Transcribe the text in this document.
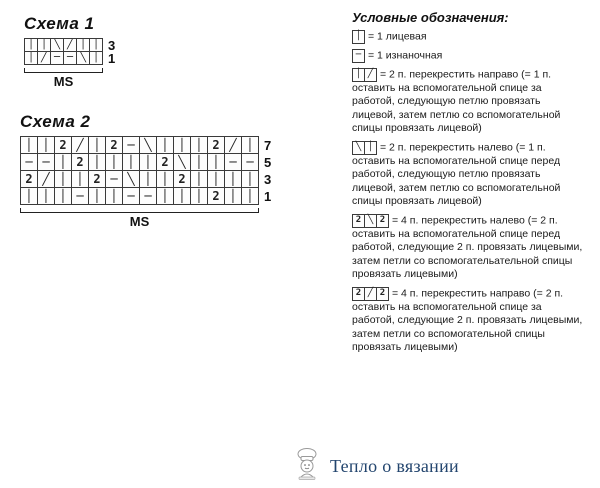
Схема 1
│ │ ╲ ╱ │ │
│ ╱ ─ ─ ╲ │
3
1
MS
Схема 2
│ │ 2 ╱ │ 2 ─ ╲ │ │ │ 2 ╱ │
─ ─ │ 2 │ │ │ │ 2 ╲ │ │ ─ ─
2 ╱ │ │ 2 ─ ╲ │ │ 2 │ │ │ │
│ │ │ ─ │ │ ─ ─ │ │ │ 2 │ │
7
5
3
1
MS
Условные обозначения:
│ = 1 лицевая
─ = 1 изнаночная
│ ╱ = 2 п. перекрестить направо (= 1 п. оставить на вспомогательной спице за работой, следующую петлю провязать лицевой, затем петлю со вспомогательной спицы провязать лицевой)
╲ │ = 2 п. перекрестить налево (= 1 п. оставить на вспомогательной спице перед работой, следующую петлю провязать лицевой, затем петлю со вспомогательной спицы провязать лицевой)
2 ╲ 2 = 4 п. перекрестить налево (= 2 п. оставить на вспомогательной спице перед работой, следующие 2 п. провязать лицевыми, затем петли со вспомогательательной спицы провязать лицевыми)
2 ╱ 2 = 4 п. перекрестить направо (= 2 п. оставить на вспомогательной спице за работой, следующие 2 п. провязать лицевыми, затем петли со вспомогательной спицы провязать лицевыми)
Тепло о вязании
